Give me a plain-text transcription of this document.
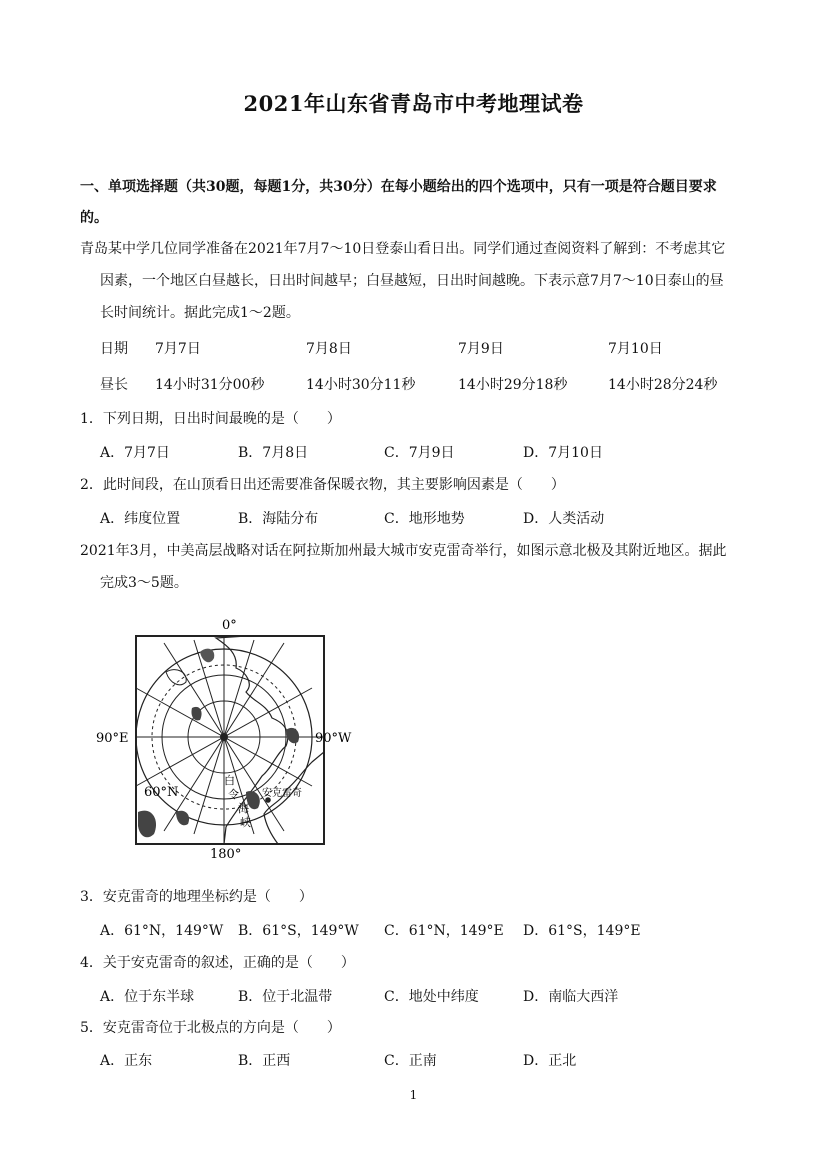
2021年山东省青岛市中考地理试卷
一、单项选择题（共30题，每题1分，共30分）在每小题给出的四个选项中，只有一项是符合题目要求
的。
青岛某中学几位同学准备在2021年7月7～10日登泰山看日出。同学们通过查阅资料了解到：不考虑其它
因素，一个地区白昼越长，日出时间越早；白昼越短，日出时间越晚。下表示意7月7～10日泰山的昼
长时间统计。据此完成1～2题。
日期 7月7日	7月8日	7月9日	7月10日
昼长 14小时31分00秒	14小时30分11秒	14小时29分18秒	14小时28分24秒
1．下列日期，日出时间最晚的是（　　）
A．7月7日	B．7月8日	C．7月9日	D．7月10日
2．此时间段，在山顶看日出还需要准备保暖衣物，其主要影响因素是（　　）
A．纬度位置	B．海陆分布	C．地形地势	D．人类活动
2021年3月，中美高层战略对话在阿拉斯加州最大城市安克雷奇举行，如图示意北极及其附近地区。据此
完成3～5题。
0°
90°E	90°W
180°
60°N	安克雷奇
白
令
海
峡
3．安克雷奇的地理坐标约是（　　）
A．61°N，149°W B．61°S，149°W C．61°N，149°E D．61°S，149°E
4．关于安克雷奇的叙述，正确的是（　　）
A．位于东半球	B．位于北温带	C．地处中纬度	D．南临大西洋
5．安克雷奇位于北极点的方向是（　　）
A．正东	B．正西	C．正南	D．正北
1
